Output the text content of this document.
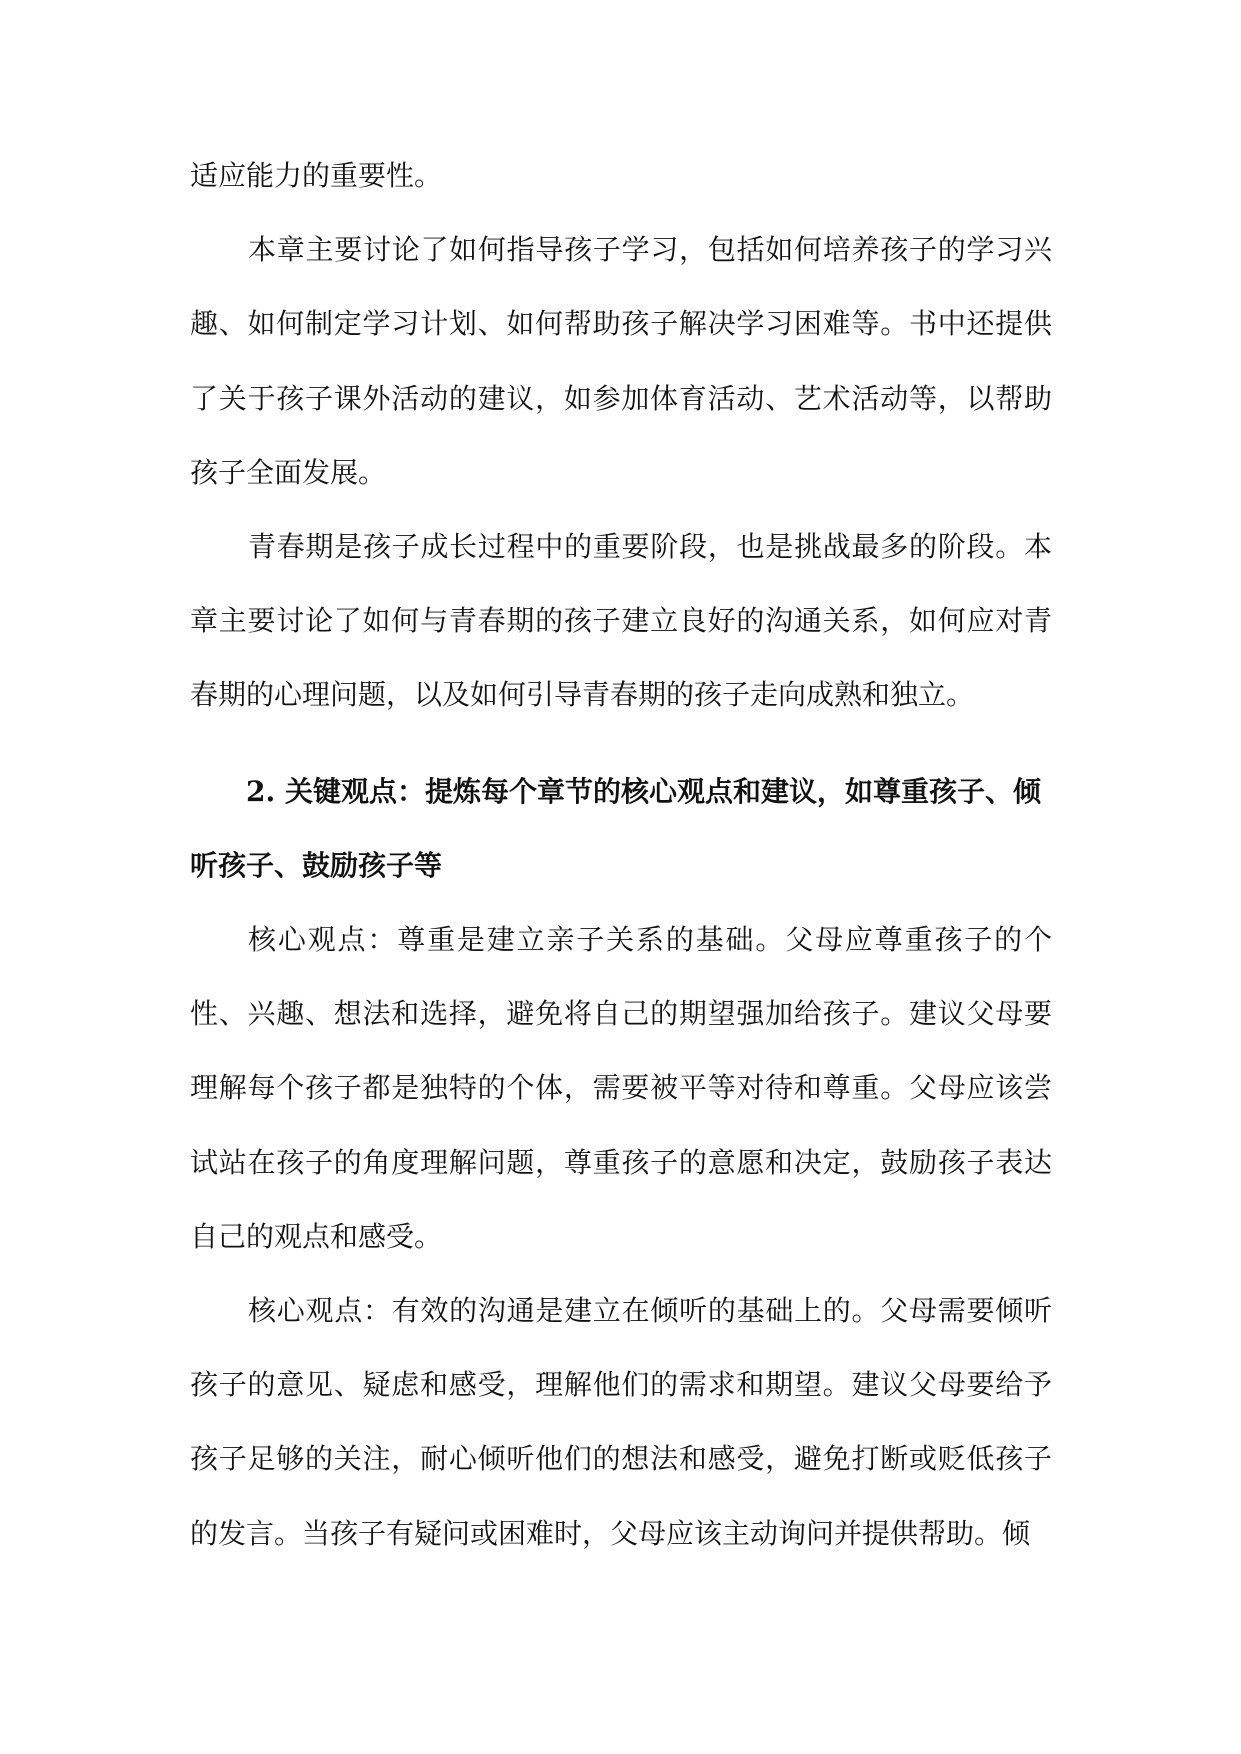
适应能力的重要性。

本章主要讨论了如何指导孩子学习，包括如何培养孩子的学习兴趣、如何制定学习计划、如何帮助孩子解决学习困难等。书中还提供了关于孩子课外活动的建议，如参加体育活动、艺术活动等，以帮助孩子全面发展。

青春期是孩子成长过程中的重要阶段，也是挑战最多的阶段。本章主要讨论了如何与青春期的孩子建立良好的沟通关系，如何应对青春期的心理问题，以及如何引导青春期的孩子走向成熟和独立。

2. 关键观点：提炼每个章节的核心观点和建议，如尊重孩子、倾听孩子、鼓励孩子等

核心观点：尊重是建立亲子关系的基础。父母应尊重孩子的个性、兴趣、想法和选择，避免将自己的期望强加给孩子。建议父母要理解每个孩子都是独特的个体，需要被平等对待和尊重。父母应该尝试站在孩子的角度理解问题，尊重孩子的意愿和决定，鼓励孩子表达自己的观点和感受。

核心观点：有效的沟通是建立在倾听的基础上的。父母需要倾听孩子的意见、疑虑和感受，理解他们的需求和期望。建议父母要给予孩子足够的关注，耐心倾听他们的想法和感受，避免打断或贬低孩子的发言。当孩子有疑问或困难时，父母应该主动询问并提供帮助。倾
